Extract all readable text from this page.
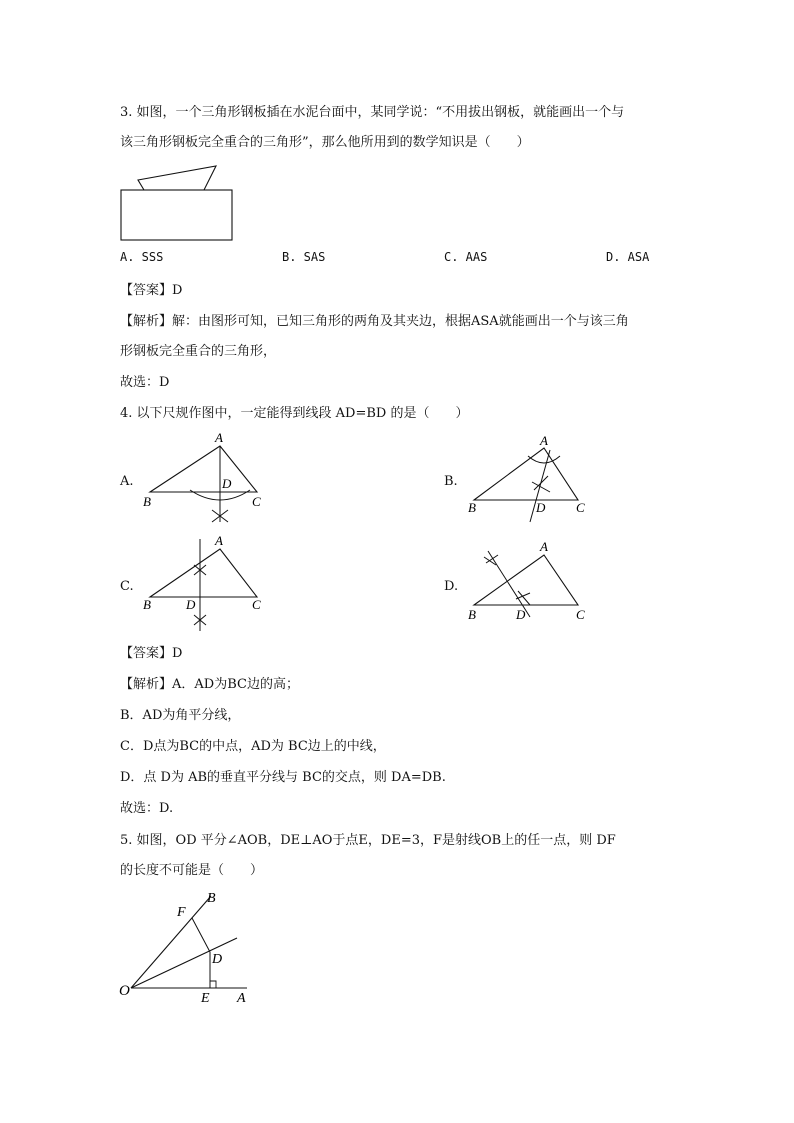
3. 如图，一个三角形钢板插在水泥台面中，某同学说：“不用拔出钢板，就能画出一个与
该三角形钢板完全重合的三角形”，那么他所用到的数学知识是（　　）
A. SSS	B. SAS	C. AAS	D. ASA
【答案】D
【解析】解：由图形可知，已知三角形的两角及其夹边，根据ASA就能画出一个与该三角
形钢板完全重合的三角形，
故选：D
4. 以下尺规作图中，一定能得到线段 AD=BD 的是（　　）
A.	B.
C.	D.
A
B	C
D
A
B	C
D
A
B	C
D
A
B	C
D
【答案】D
【解析】A．AD为BC边的高；
B．AD为角平分线，
C．D点为BC的中点，AD为 BC边上的中线，
D．点 D为 AB的垂直平分线与 BC的交点，则 DA=DB.
故选：D.
5. 如图，OD 平分∠AOB，DE⊥AO于点E，DE=3，F是射线OB上的任一点，则 DF
的长度不可能是（　　）
O	E A
D
F
B
